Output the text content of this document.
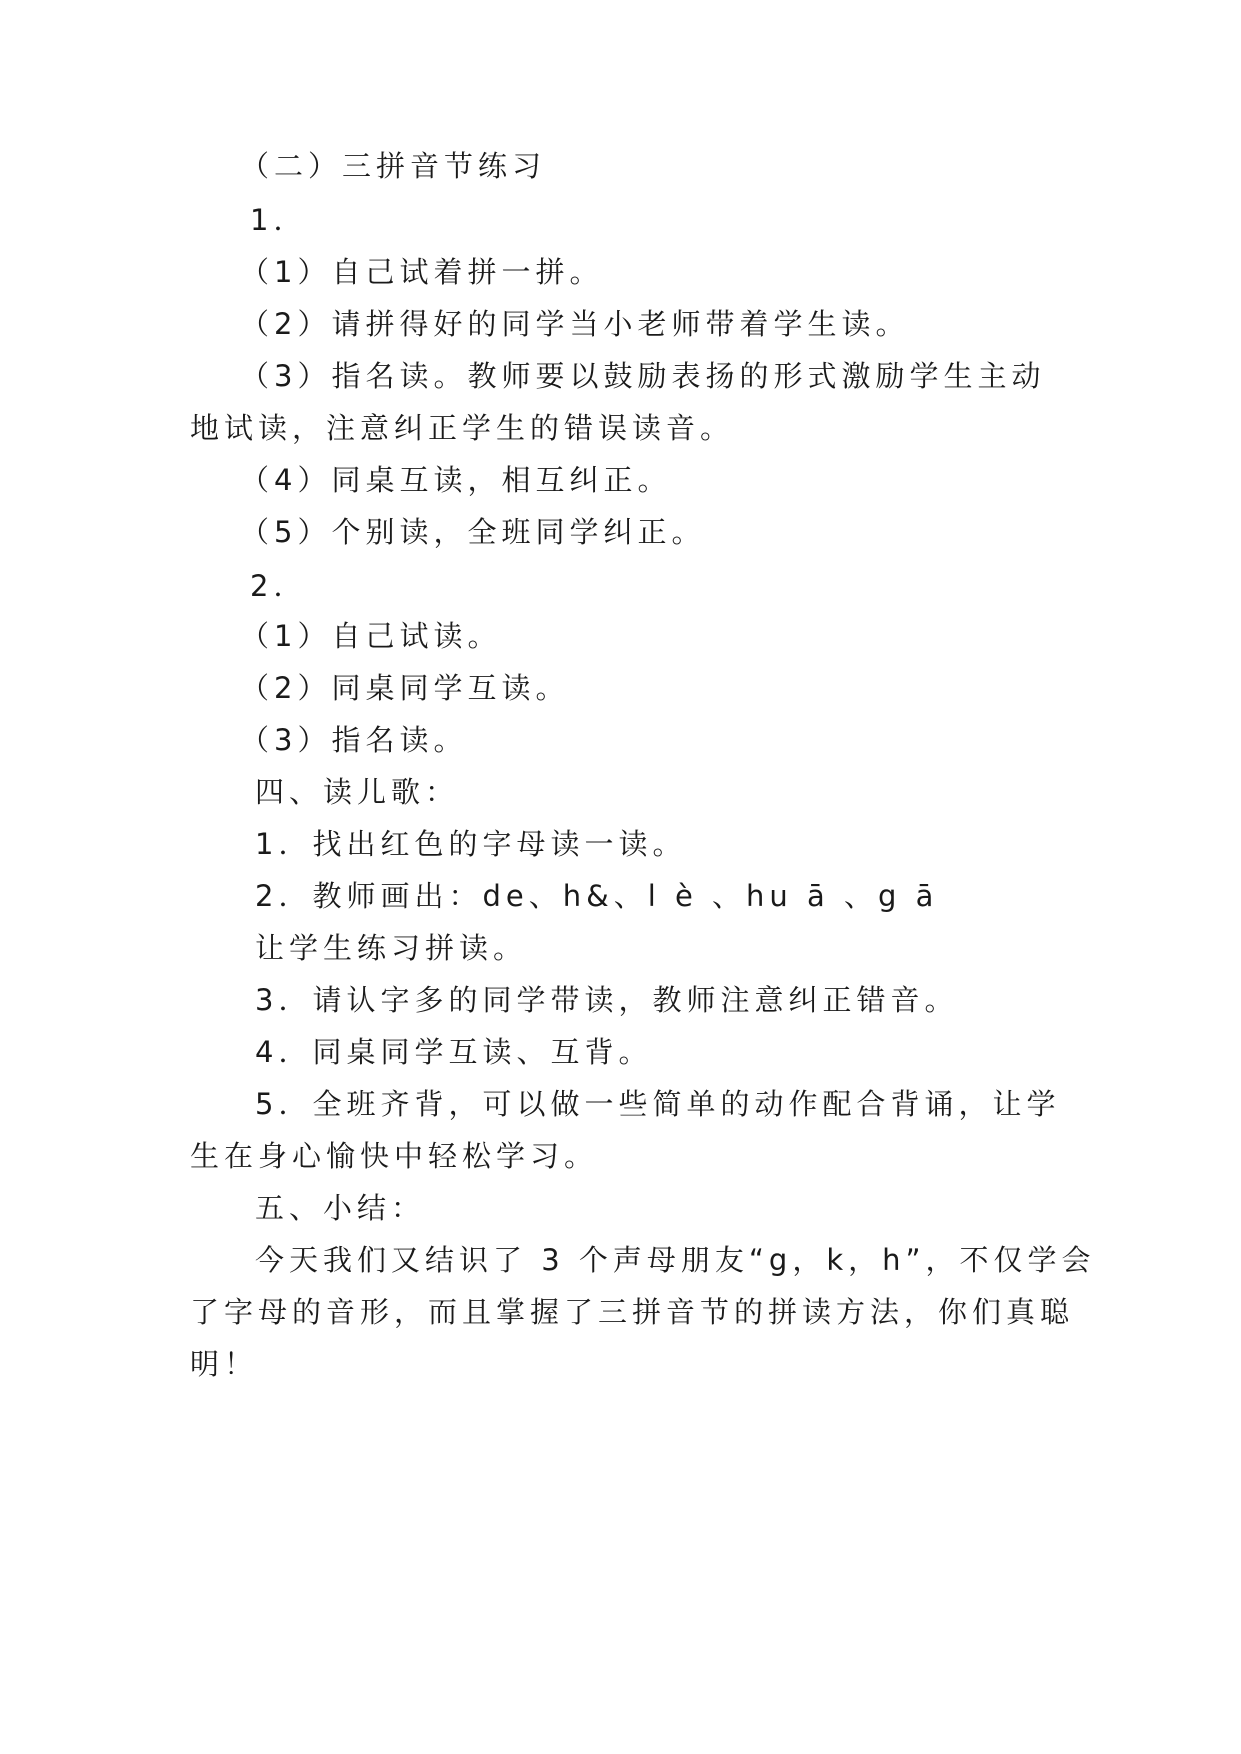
（二）三拼音节练习
1．
（1）自己试着拼一拼。
（2）请拼得好的同学当小老师带着学生读。
（3）指名读。教师要以鼓励表扬的形式激励学生主动
地试读，注意纠正学生的错误读音。
（4）同桌互读，相互纠正。
（5）个别读，全班同学纠正。
2．
（1）自己试读。
（2）同桌同学互读。
（3）指名读。
四、读儿歌：
1．找出红色的字母读一读。
2．教师画出：de、h&、l è 、hu ā 、g ā
让学生练习拼读。
3．请认字多的同学带读，教师注意纠正错音。
4．同桌同学互读、互背。
5．全班齐背，可以做一些简单的动作配合背诵，让学
生在身心愉快中轻松学习。
五、小结：
今天我们又结识了 3 个声母朋友“g，k，h”，不仅学会
了字母的音形，而且掌握了三拼音节的拼读方法，你们真聪
明！
